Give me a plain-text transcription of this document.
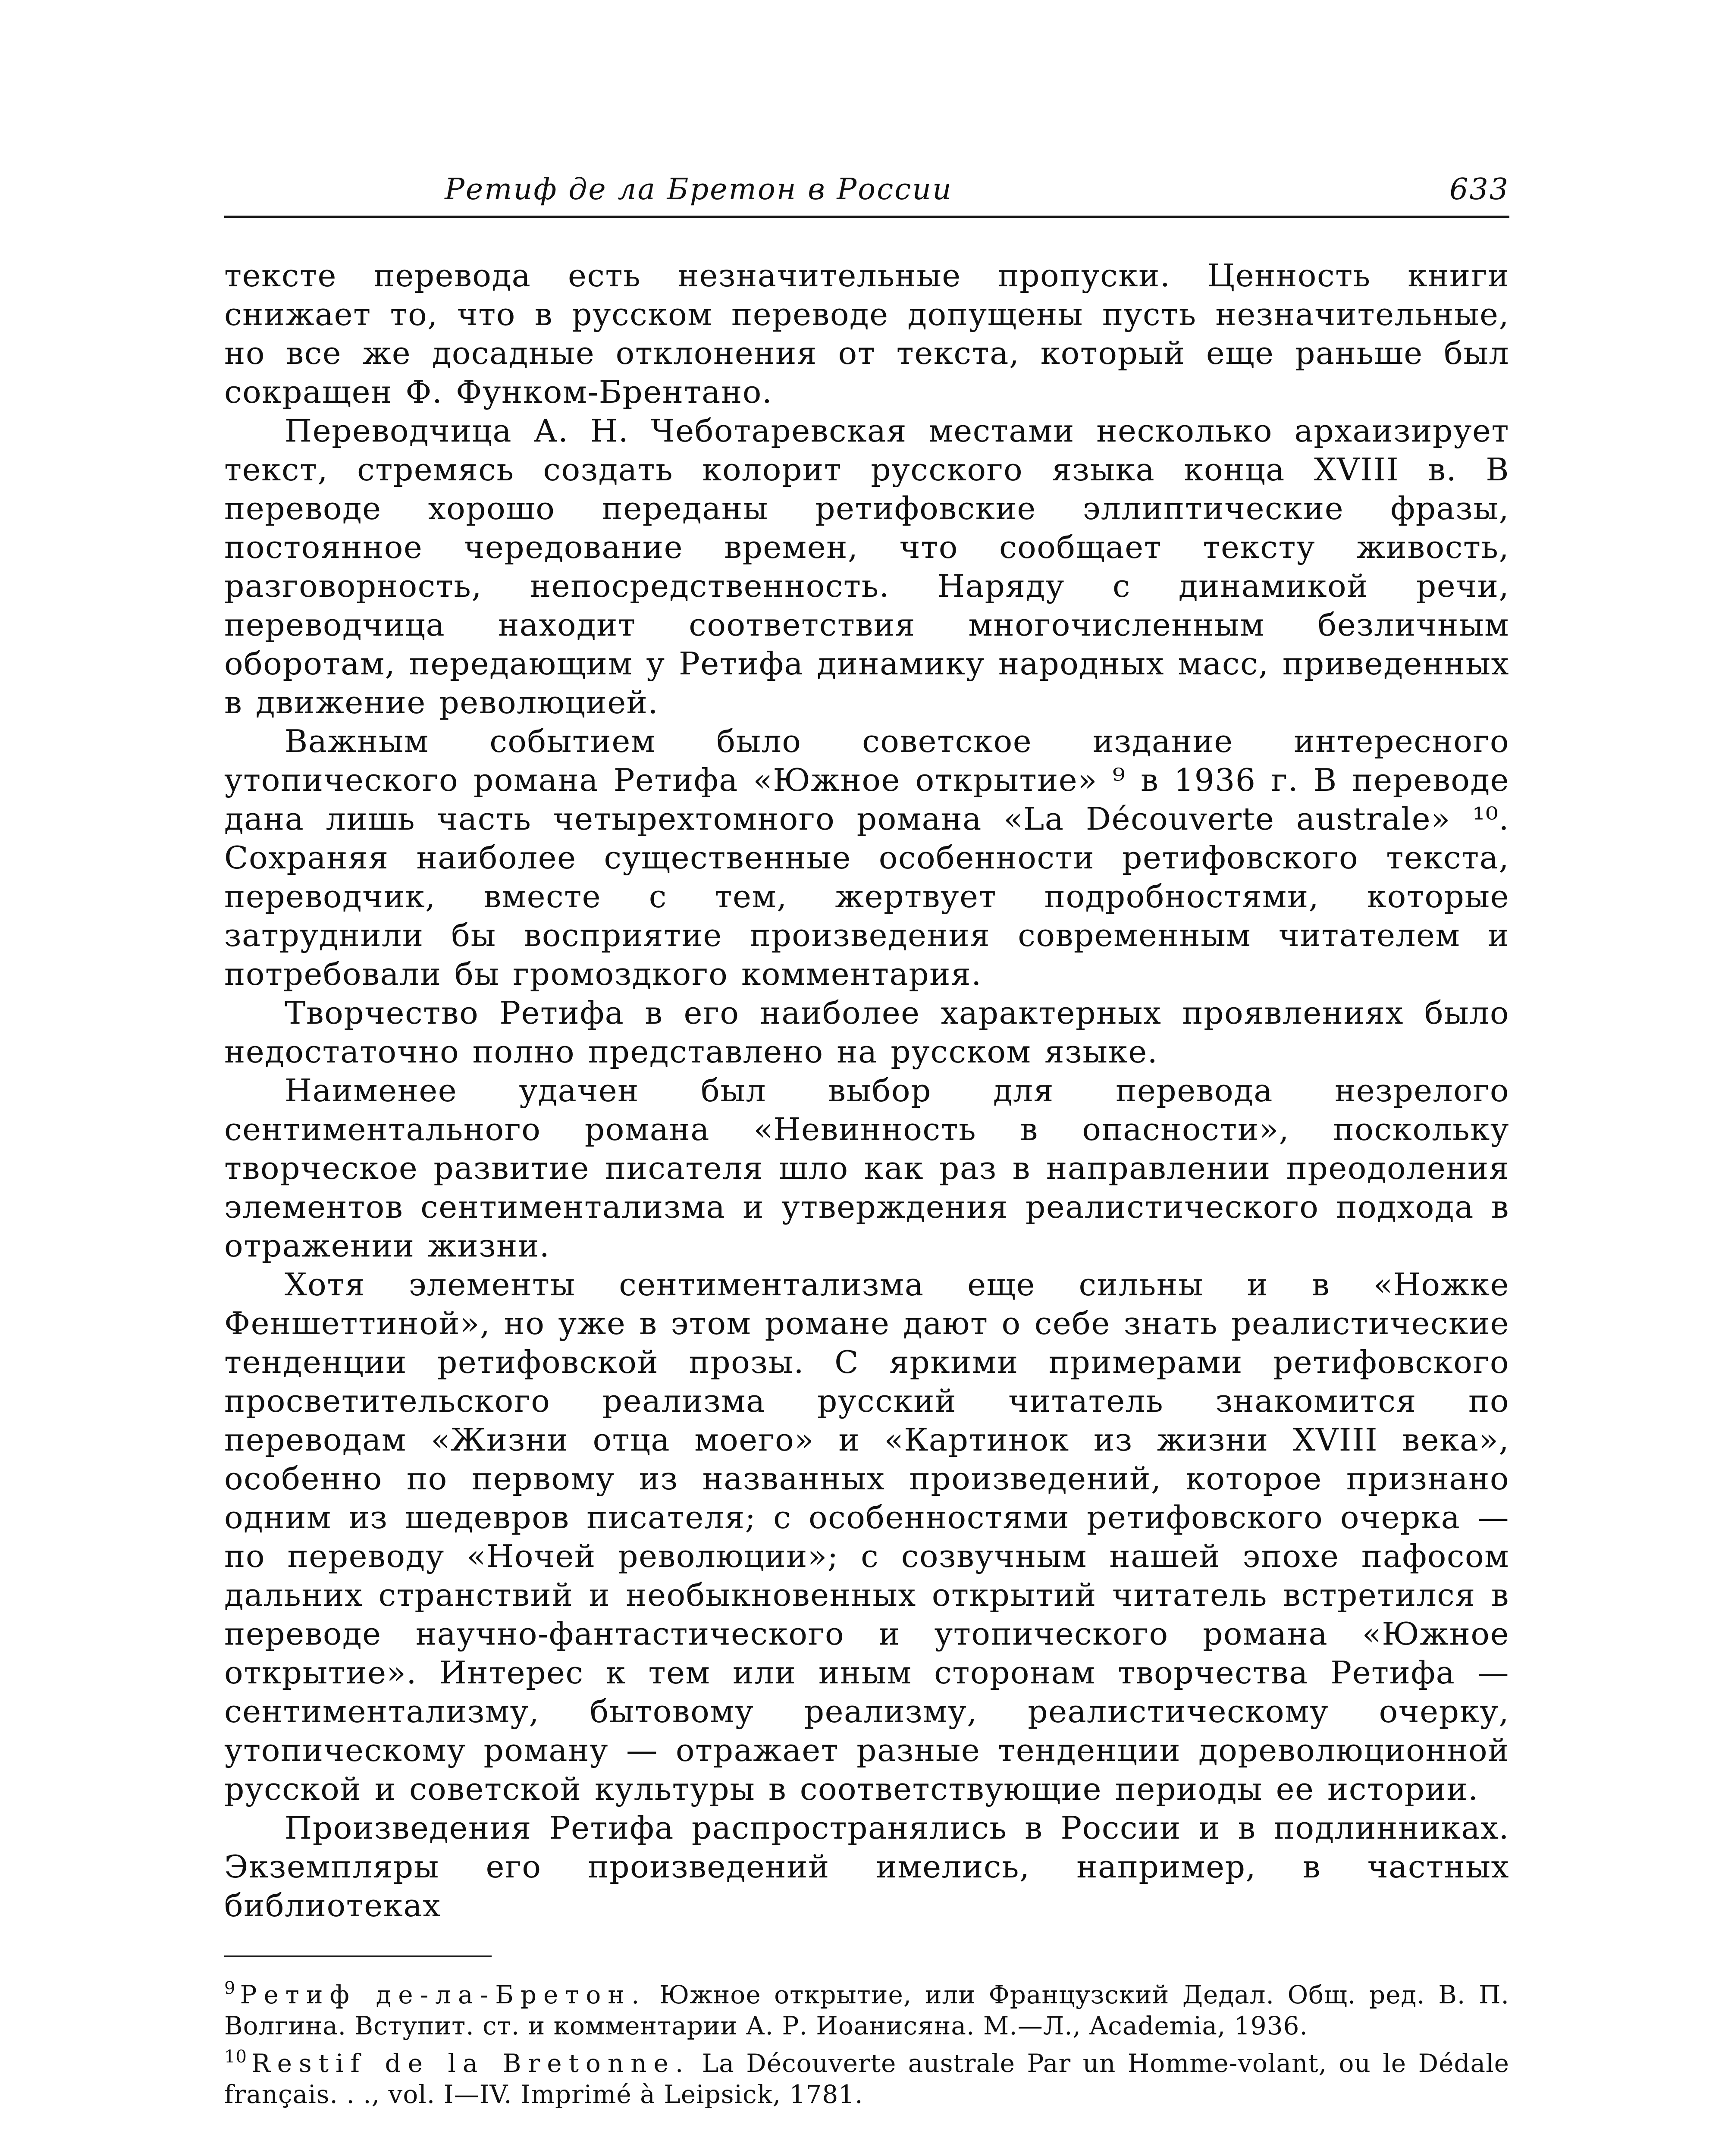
Ретиф де ла Бретон в России	633

тексте перевода есть незначительные пропуски. Ценность книги снижает то, что в русском переводе допущены пусть незначительные, но все же досадные отклонения от текста, который еще раньше был сокращен Ф. Функом-Брентано.

Переводчица А. Н. Чеботаревская местами несколько архаизирует текст, стремясь создать колорит русского языка конца XVIII в. В переводе хорошо переданы ретифовские эллиптические фразы, постоянное чередование времен, что сообщает тексту живость, разговорность, непосредственность. Наряду с динамикой речи, переводчица находит соответствия многочисленным безличным оборотам, передающим у Ретифа динамику народных масс, приведенных в движение революцией.

Важным событием было советское издание интересного утопического романа Ретифа «Южное открытие» ⁹ в 1936 г. В переводе дана лишь часть четырехтомного романа «La Découverte australe» ¹⁰. Сохраняя наиболее существенные особенности ретифовского текста, переводчик, вместе с тем, жертвует подробностями, которые затруднили бы восприятие произведения современным читателем и потребовали бы громоздкого комментария.

Творчество Ретифа в его наиболее характерных проявлениях было недостаточно полно представлено на русском языке.

Наименее удачен был выбор для перевода незрелого сентиментального романа «Невинность в опасности», поскольку творческое развитие писателя шло как раз в направлении преодоления элементов сентиментализма и утверждения реалистического подхода в отражении жизни.

Хотя элементы сентиментализма еще сильны и в «Ножке Феншеттиной», но уже в этом романе дают о себе знать реалистические тенденции ретифовской прозы. С яркими примерами ретифовского просветительского реализма русский читатель знакомится по переводам «Жизни отца моего» и «Картинок из жизни XVIII века», особенно по первому из названных произведений, которое признано одним из шедевров писателя; с особенностями ретифовского очерка — по переводу «Ночей революции»; с созвучным нашей эпохе пафосом дальних странствий и необыкновенных открытий читатель встретился в переводе научно-фантастического и утопического романа «Южное открытие». Интерес к тем или иным сторонам творчества Ретифа — сентиментализму, бытовому реализму, реалистическому очерку, утопическому роману — отражает разные тенденции дореволюционной русской и советской культуры в соответствующие периоды ее истории.

Произведения Ретифа распространялись в России и в подлинниках. Экземпляры его произведений имелись, например, в частных библиотеках

$^9$ Ретиф де-ла-Бретон. Южное открытие, или Французский Дедал. Общ. ред. В. П. Волгина. Вступит. ст. и комментарии А. Р. Иоанисяна. М.—Л., Academia, 1936.

$^{10}$ Restif de la Bretonne. La Découverte australe Par un Homme-volant, ou le Dédale français. . ., vol. I—IV. Imprimé à Leipsick, 1781.
